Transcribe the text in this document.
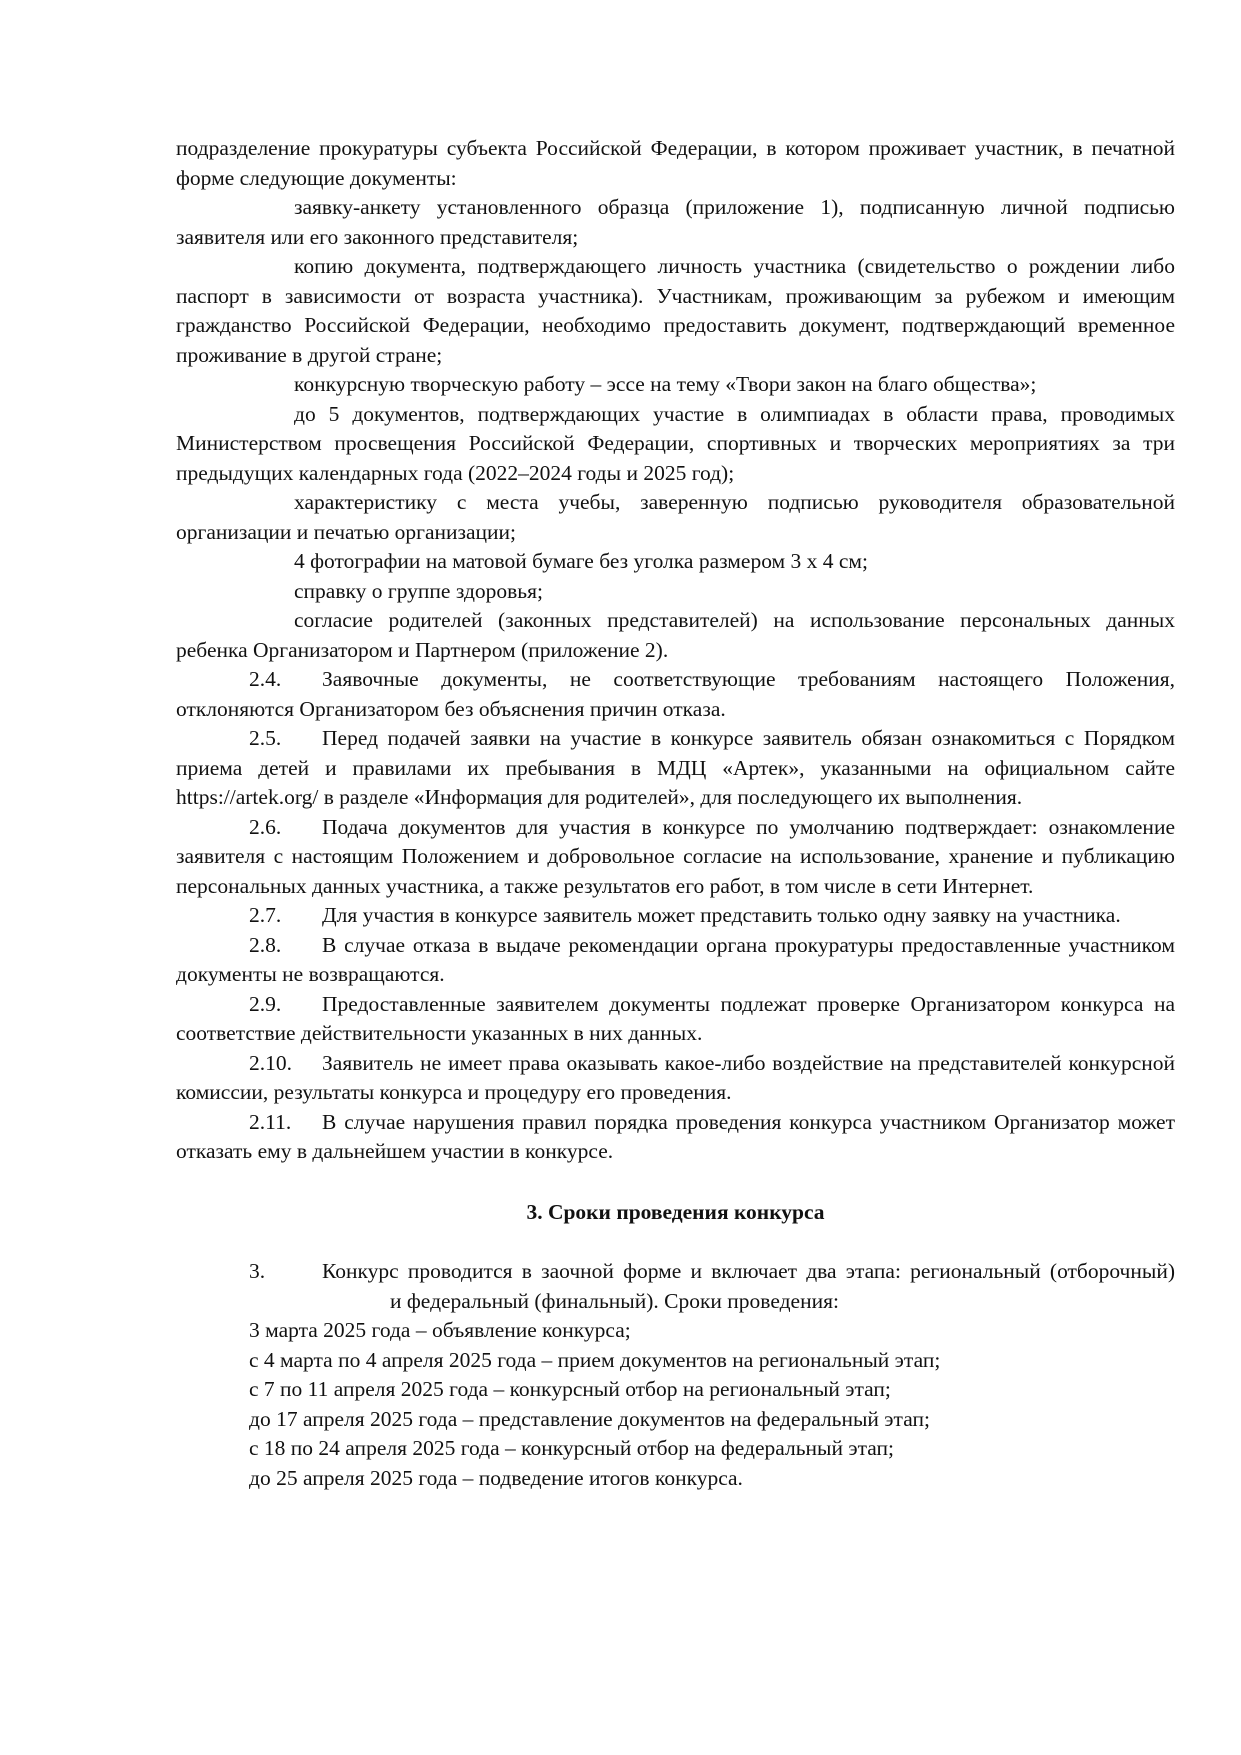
подразделение прокуратуры субъекта Российской Федерации, в котором проживает участник, в печатной форме следующие документы:

заявку-анкету установленного образца (приложение 1), подписанную личной подписью заявителя или его законного представителя;

копию документа, подтверждающего личность участника (свидетельство о рождении либо паспорт в зависимости от возраста участника). Участникам, проживающим за рубежом и имеющим гражданство Российской Федерации, необходимо предоставить документ, подтверждающий временное проживание в другой стране;

конкурсную творческую работу – эссе на тему «Твори закон на благо общества»;

до 5 документов, подтверждающих участие в олимпиадах в области права, проводимых Министерством просвещения Российской Федерации, спортивных и творческих мероприятиях за три предыдущих календарных года (2022–2024 годы и 2025 год);

характеристику с места учебы, заверенную подписью руководителя образовательной организации и печатью организации;

4 фотографии на матовой бумаге без уголка размером 3 х 4 см;

справку о группе здоровья;

согласие родителей (законных представителей) на использование персональных данных ребенка Организатором и Партнером (приложение 2).

2.4. Заявочные документы, не соответствующие требованиям настоящего Положения, отклоняются Организатором без объяснения причин отказа.

2.5. Перед подачей заявки на участие в конкурсе заявитель обязан ознакомиться с Порядком приема детей и правилами их пребывания в МДЦ «Артек», указанными на официальном сайте https://artek.org/ в разделе «Информация для родителей», для последующего их выполнения.

2.6. Подача документов для участия в конкурсе по умолчанию подтверждает: ознакомление заявителя с настоящим Положением и добровольное согласие на использование, хранение и публикацию персональных данных участника, а также результатов его работ, в том числе в сети Интернет.

2.7. Для участия в конкурсе заявитель может представить только одну заявку на участника.

2.8. В случае отказа в выдаче рекомендации органа прокуратуры предоставленные участником документы не возвращаются.

2.9. Предоставленные заявителем документы подлежат проверке Организатором конкурса на соответствие действительности указанных в них данных.

2.10. Заявитель не имеет права оказывать какое-либо воздействие на представителей конкурсной комиссии, результаты конкурса и процедуру его проведения.

2.11. В случае нарушения правил порядка проведения конкурса участником Организатор может отказать ему в дальнейшем участии в конкурсе.

3. Сроки проведения конкурса

3.	Конкурс проводится в заочной форме и включает два этапа: региональный (отборочный)и федеральный (финальный). Сроки проведения:

3 марта 2025 года – объявление конкурса;

с 4 марта по 4 апреля 2025 года – прием документов на региональный этап;

с 7 по 11 апреля 2025 года – конкурсный отбор на региональный этап;

до 17 апреля 2025 года – представление документов на федеральный этап;

с 18 по 24 апреля 2025 года – конкурсный отбор на федеральный этап;

до 25 апреля 2025 года – подведение итогов конкурса.
